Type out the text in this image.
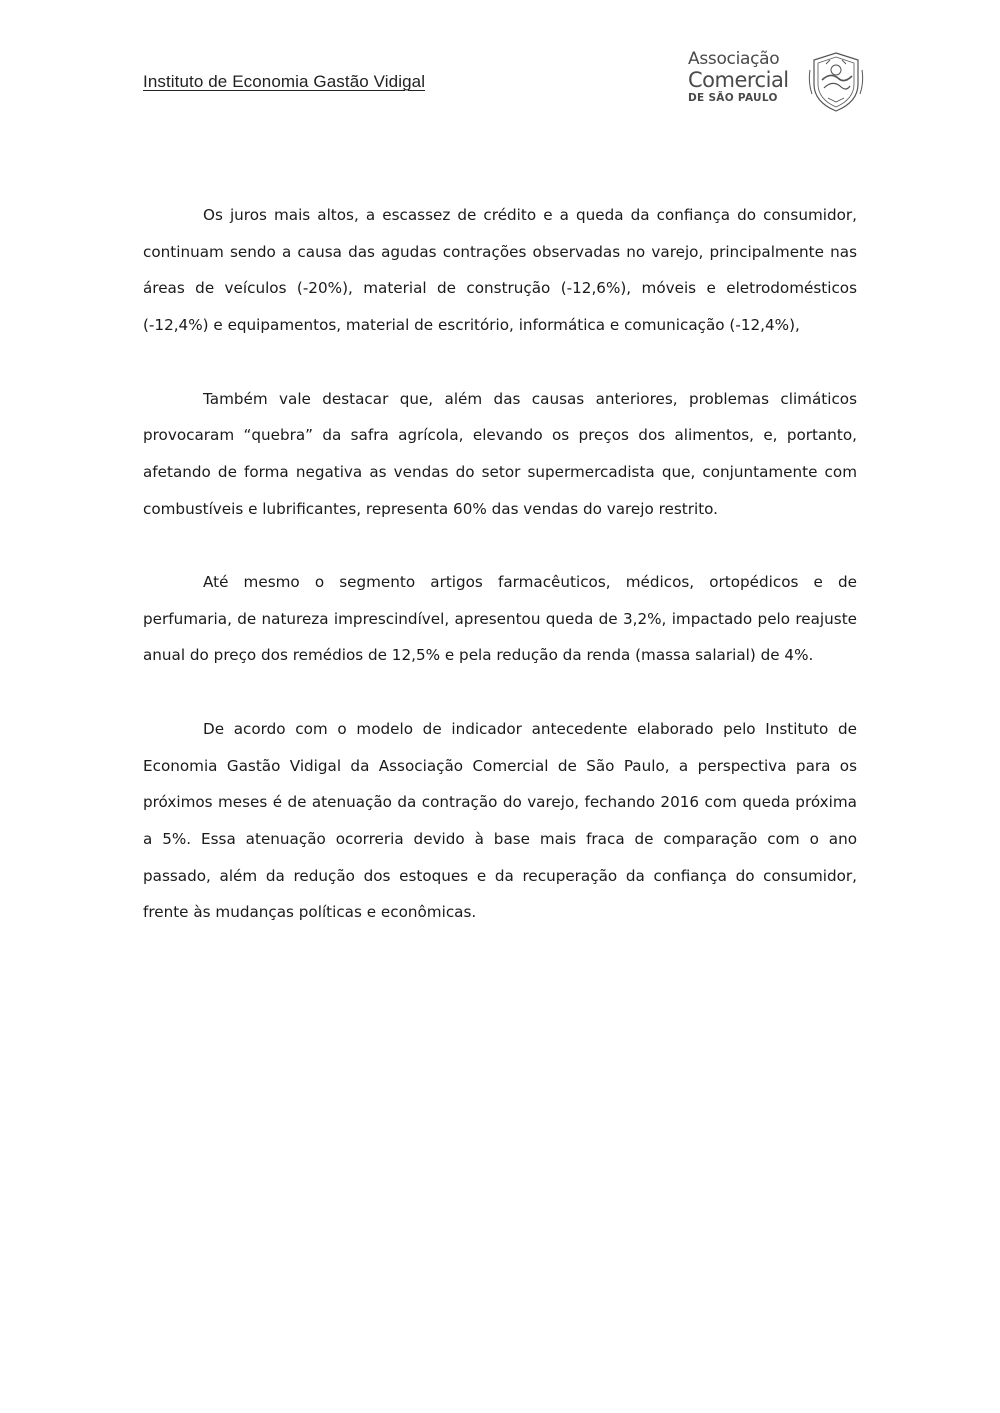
Instituto de Economia Gastão Vidigal
Associação
Comercial
DE SÃO PAULO

Os juros mais altos, a escassez de crédito e a queda da confiança do consumidor, continuam sendo a causa das agudas contrações observadas no varejo, principalmente nas áreas de veículos (-20%), material de construção (-12,6%), móveis e eletrodomésticos (-12,4%) e equipamentos, material de escritório, informática e comunicação (-12,4%),

Também vale destacar que, além das causas anteriores, problemas climáticos provocaram “quebra” da safra agrícola, elevando os preços dos alimentos, e, portanto, afetando de forma negativa as vendas do setor supermercadista que, conjuntamente com combustíveis e lubrificantes, representa 60% das vendas do varejo restrito.

Até mesmo o segmento artigos farmacêuticos, médicos, ortopédicos e de perfumaria, de natureza imprescindível, apresentou queda de 3,2%, impactado pelo reajuste anual do preço dos remédios de 12,5% e pela redução da renda (massa salarial) de 4%.

De acordo com o modelo de indicador antecedente elaborado pelo Instituto de Economia Gastão Vidigal da Associação Comercial de São Paulo, a perspectiva para os próximos meses é de atenuação da contração do varejo, fechando 2016 com queda próxima a 5%. Essa atenuação ocorreria devido à base mais fraca de comparação com o ano passado, além da redução dos estoques e da recuperação da confiança do consumidor, frente às mudanças políticas e econômicas.
